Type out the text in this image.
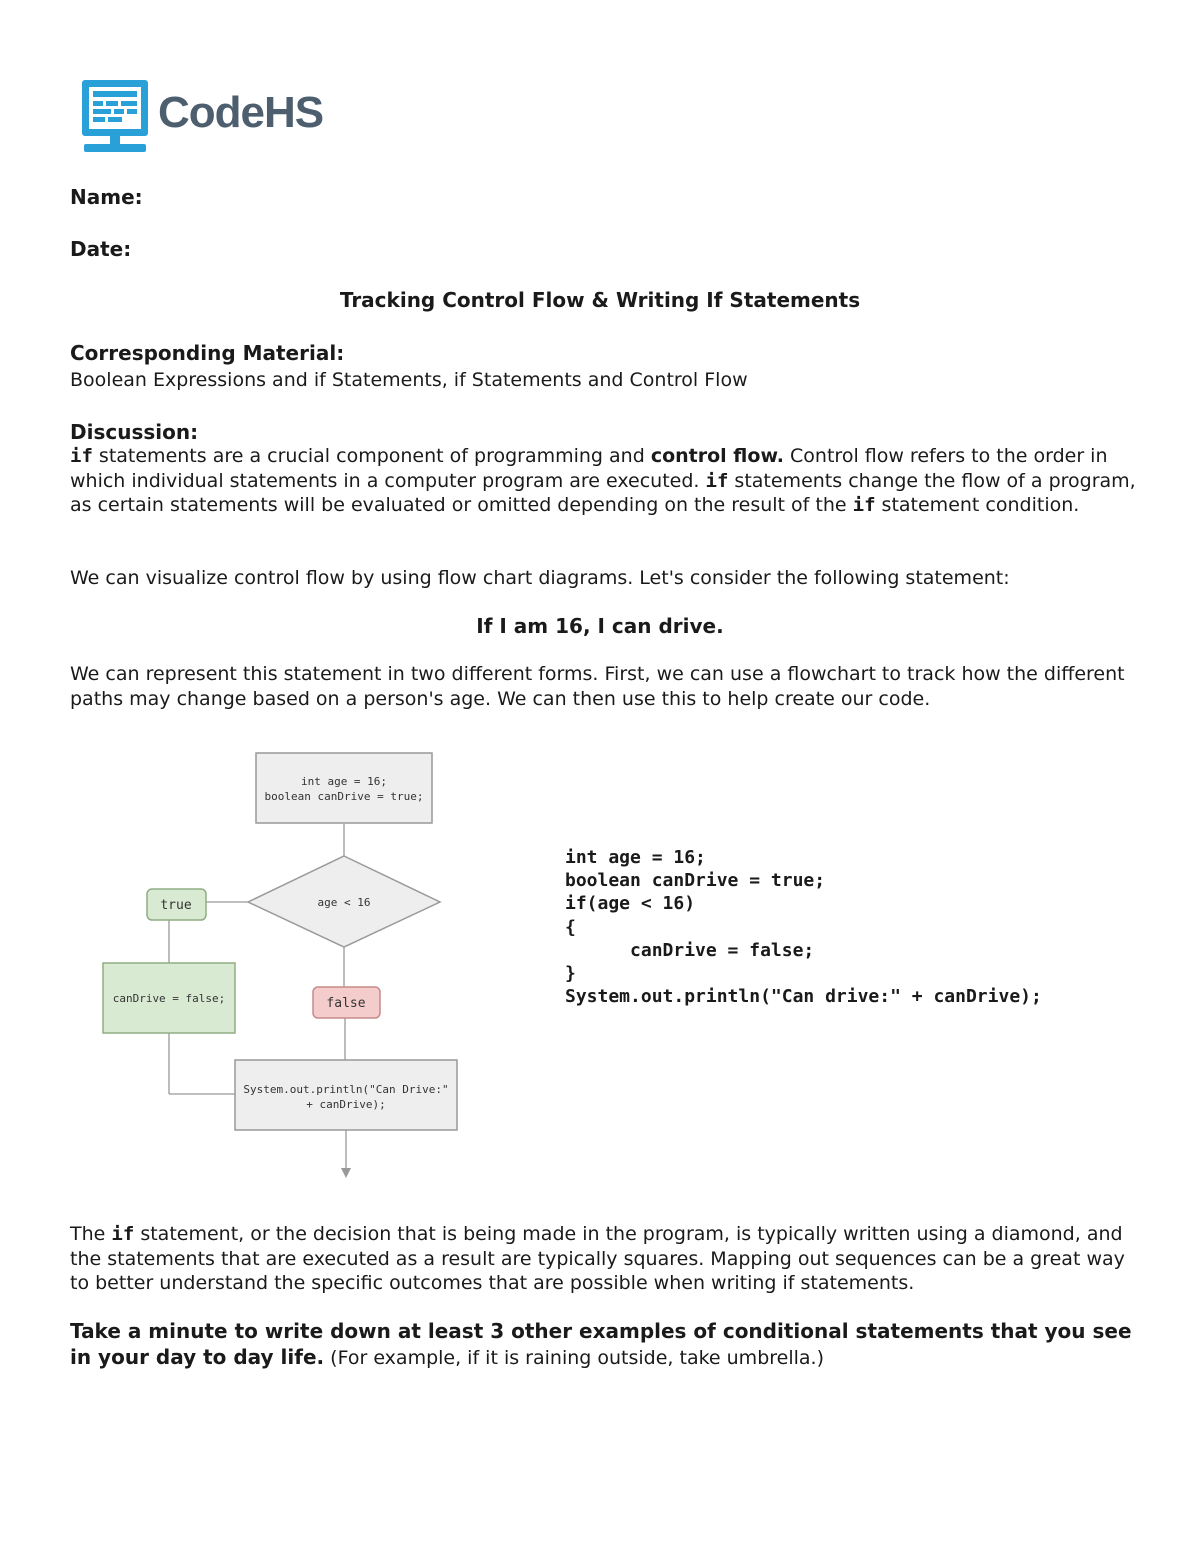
CodeHS
Name:
Date:
Tracking Control Flow & Writing If Statements
Corresponding Material:
Boolean Expressions and if Statements, if Statements and Control Flow
Discussion:
if statements are a crucial component of programming and control flow. Control flow refers to the order in which individual statements in a computer program are executed. if statements change the flow of a program, as certain statements will be evaluated or omitted depending on the result of the if statement condition.
We can visualize control flow by using flow chart diagrams. Let's consider the following statement:
If I am 16, I can drive.
We can represent this statement in two different forms. First, we can use a flowchart to track how the different paths may change based on a person's age. We can then use this to help create our code.
int age = 16;
boolean canDrive = true;
age < 16
true
canDrive = false;	false
System.out.println("Can Drive:"
+ canDrive);
int age = 16;
boolean canDrive = true;
if(age < 16)
{
canDrive = false;
}
System.out.println("Can drive:" + canDrive);
The if statement, or the decision that is being made in the program, is typically written using a diamond, and the statements that are executed as a result are typically squares. Mapping out sequences can be a great way to better understand the specific outcomes that are possible when writing if statements.
Take a minute to write down at least 3 other examples of conditional statements that you see in your day to day life. (For example, if it is raining outside, take umbrella.)
